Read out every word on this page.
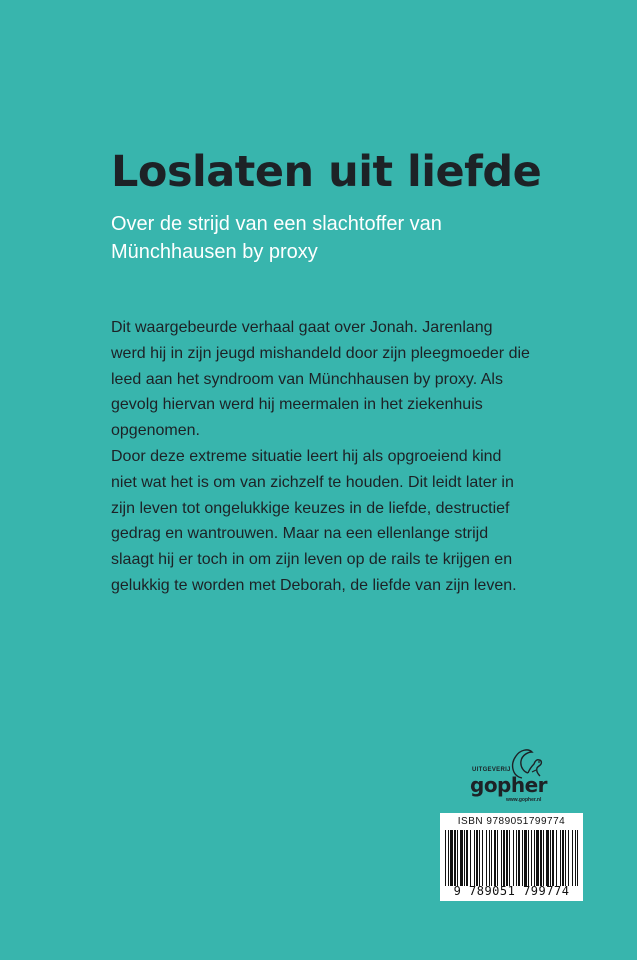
Loslaten uit liefde

Over de strijd van een slachtoffer van Münchhausen by proxy

Dit waargebeurde verhaal gaat over Jonah. Jarenlang werd hij in zijn jeugd mishandeld door zijn pleegmoeder die leed aan het syndroom van Münchhausen by proxy. Als gevolg hiervan werd hij meermalen in het ziekenhuis opgenomen.

Door deze extreme situatie leert hij als opgroeiend kind niet wat het is om van zichzelf te houden. Dit leidt later in zijn leven tot ongelukkige keuzes in de liefde, destructief gedrag en wantrouwen. Maar na een ellenlange strijd slaagt hij er toch in om zijn leven op de rails te krijgen en gelukkig te worden met Deborah, de liefde van zijn leven.

UITGEVERIJ
gopher
www.gopher.nl
ISBN 9789051799774
9 789051 799774
